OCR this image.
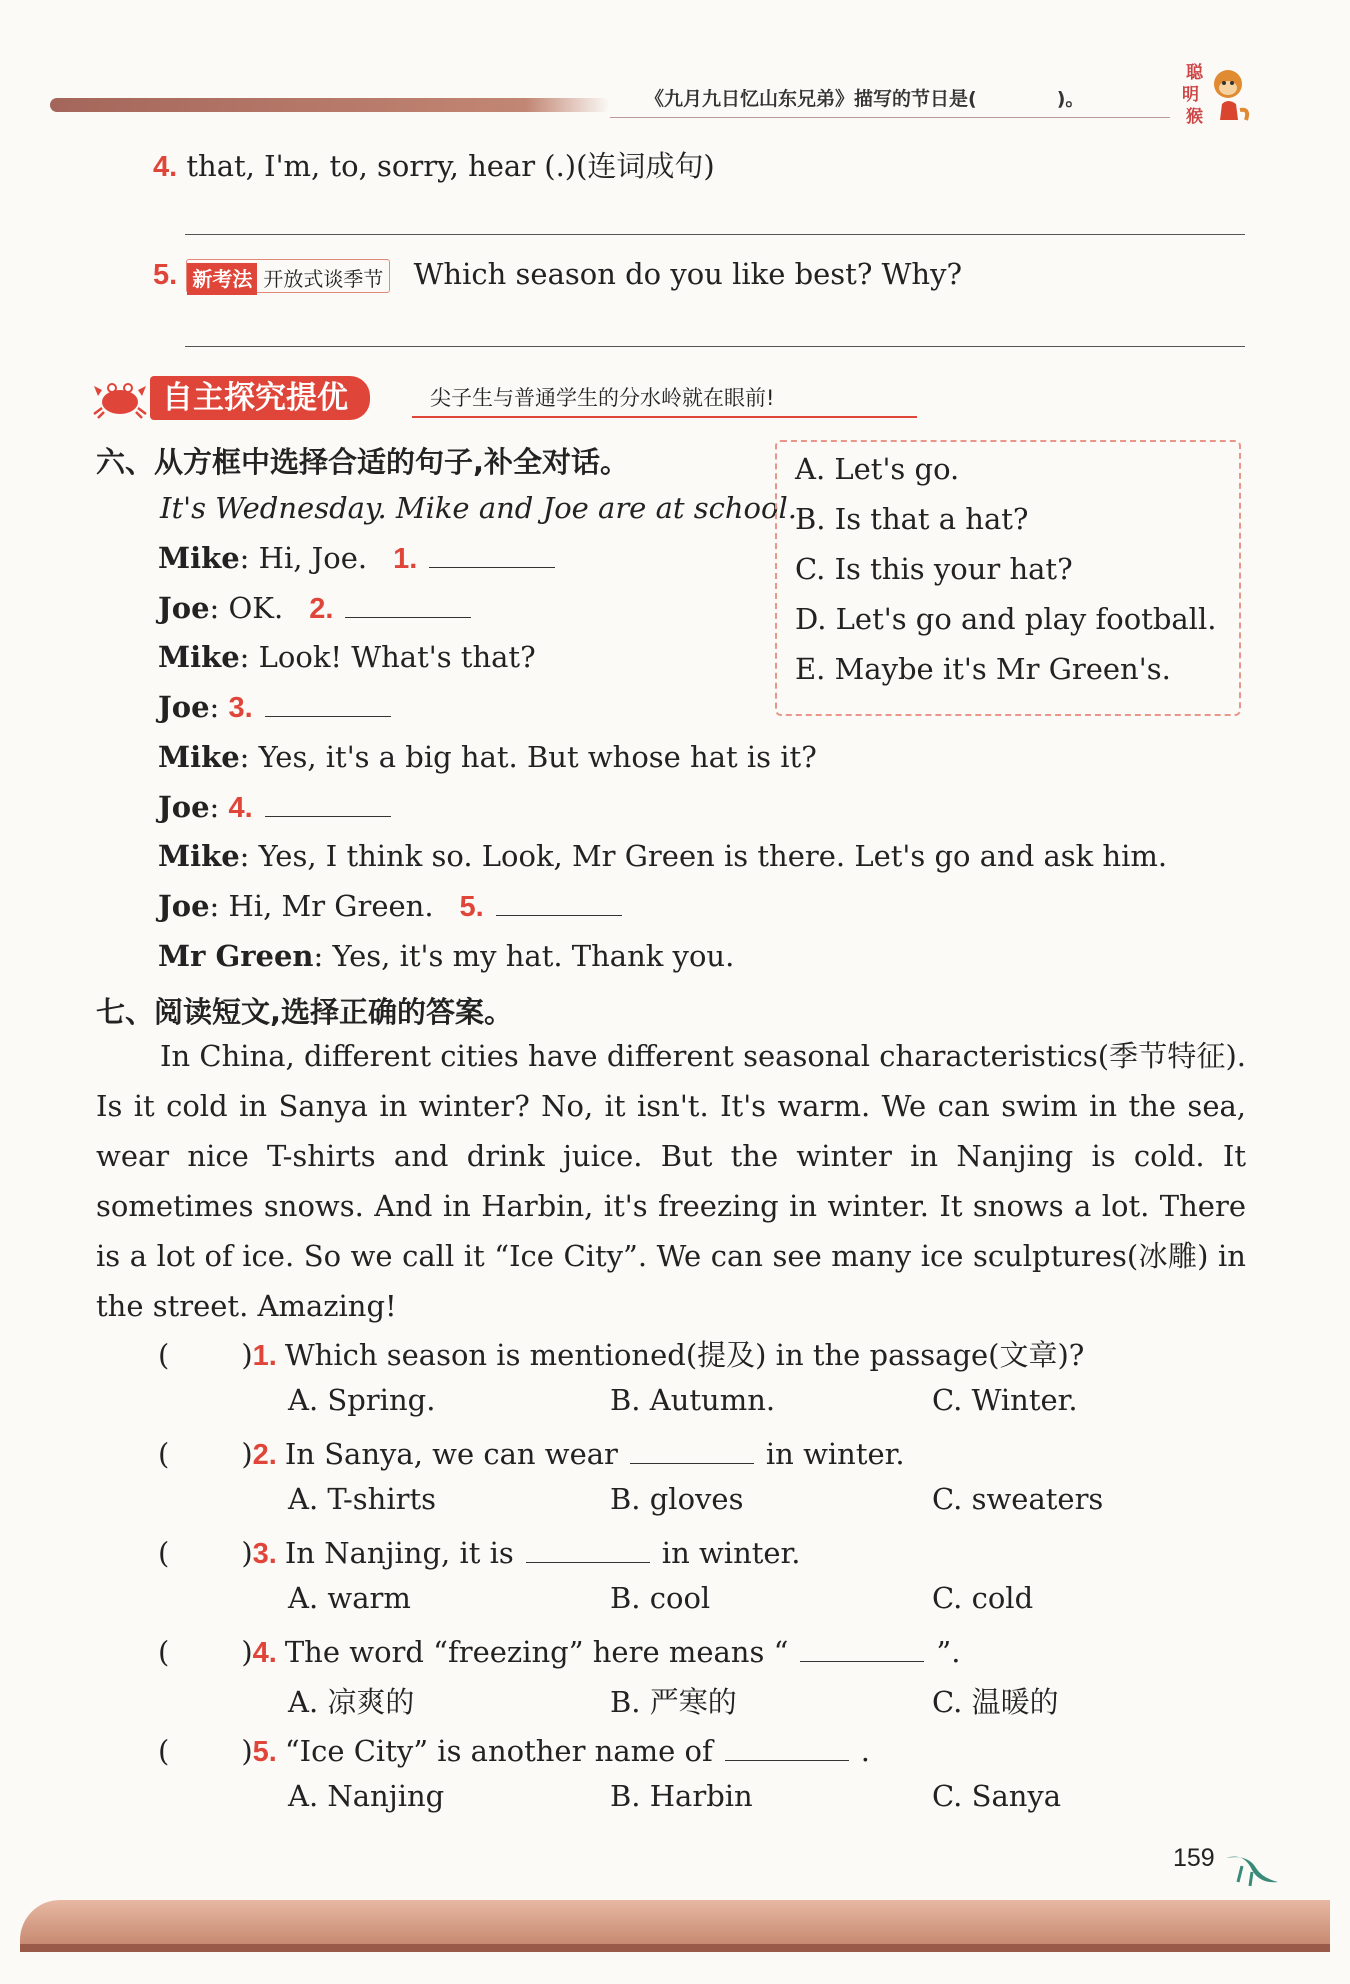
《九月九日忆山东兄弟》描写的节日是(	)。
聪
明
猴
4. that, I'm, to, sorry, hear (.)(连词成句)
5. 新考法 开放式谈季节 Which season do you like best? Why?
自主探究提优	尖子生与普通学生的分水岭就在眼前!
六、从方框中选择合适的句子,补全对话。
It's Wednesday. Mike and Joe are at school.
Mike: Hi, Joe. 1.
Joe: OK. 2.
Mike: Look! What's that?
Joe: 3.
Mike: Yes, it's a big hat. But whose hat is it?
Joe: 4.
Mike: Yes, I think so. Look, Mr Green is there. Let's go and ask him.
Joe: Hi, Mr Green. 5.
Mr Green: Yes, it's my hat. Thank you.
A. Let's go.
B. Is that a hat?
C. Is this your hat?
D. Let's go and play football.
E. Maybe it's Mr Green's.
七、阅读短文,选择正确的答案。
In China, different cities have different seasonal characteristics(季节特征). Is it cold in Sanya in winter? No, it isn't. It's warm. We can swim in the sea, wear nice T-shirts and drink juice. But the winter in Nanjing is cold. It sometimes snows. And in Harbin, it's freezing in winter. It snows a lot. There is a lot of ice. So we call it “Ice City”. We can see many ice sculptures(冰雕) in the street. Amazing!
( )1. Which season is mentioned(提及) in the passage(文章)?
A. Spring.	B. Autumn.	C. Winter.
( )2. In Sanya, we can wear	in winter.
A. T-shirts	B. gloves	C. sweaters
( )3. In Nanjing, it is	in winter.
A. warm	B. cool	C. cold
( )4. The word “freezing” here means “	”.
A. 凉爽的	B. 严寒的	C. 温暖的
( )5. “Ice City” is another name of	.
A. Nanjing	B. Harbin	C. Sanya
159
